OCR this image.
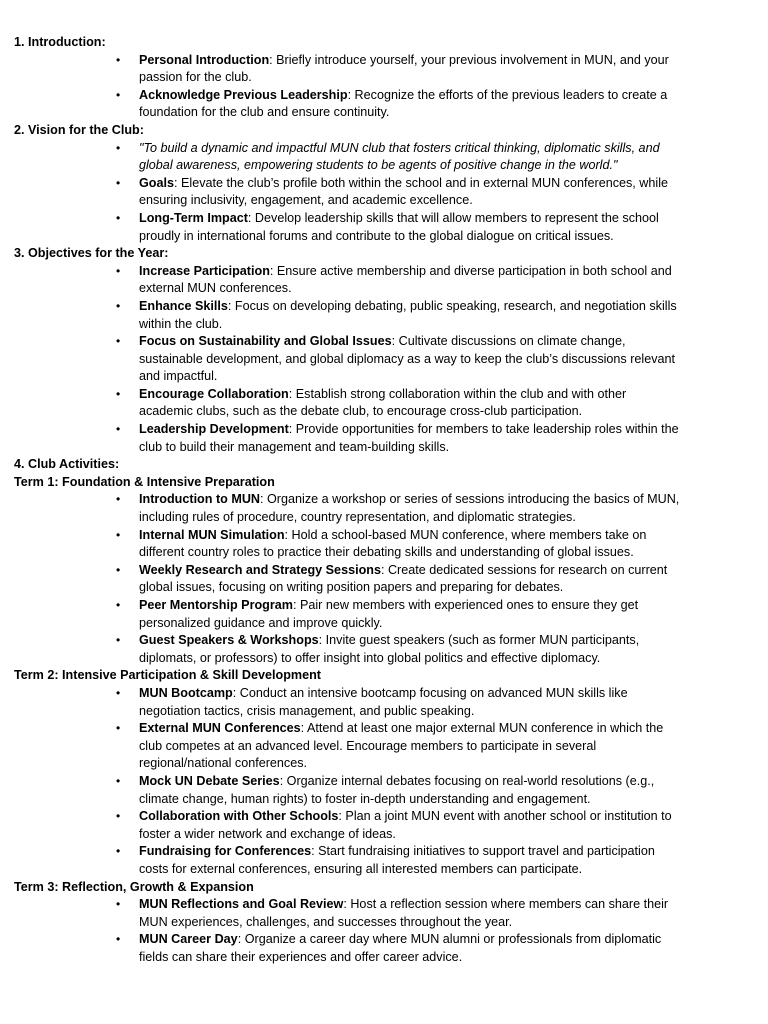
1. Introduction:

• Personal Introduction: Briefly introduce yourself, your previous involvement in MUN, and your passion for the club.
• Acknowledge Previous Leadership: Recognize the efforts of the previous leaders to create a foundation for the club and ensure continuity.

2. Vision for the Club:

• "To build a dynamic and impactful MUN club that fosters critical thinking, diplomatic skills, and global awareness, empowering students to be agents of positive change in the world."
• Goals: Elevate the club’s profile both within the school and in external MUN conferences, while ensuring inclusivity, engagement, and academic excellence.
• Long-Term Impact: Develop leadership skills that will allow members to represent the school proudly in international forums and contribute to the global dialogue on critical issues.

3. Objectives for the Year:

• Increase Participation: Ensure active membership and diverse participation in both school and external MUN conferences.
• Enhance Skills: Focus on developing debating, public speaking, research, and negotiation skills within the club.
• Focus on Sustainability and Global Issues: Cultivate discussions on climate change, sustainable development, and global diplomacy as a way to keep the club’s discussions relevant and impactful.
• Encourage Collaboration: Establish strong collaboration within the club and with other academic clubs, such as the debate club, to encourage cross-club participation.
• Leadership Development: Provide opportunities for members to take leadership roles within the club to build their management and team-building skills.

4. Club Activities:

Term 1: Foundation & Intensive Preparation

• Introduction to MUN: Organize a workshop or series of sessions introducing the basics of MUN, including rules of procedure, country representation, and diplomatic strategies.
• Internal MUN Simulation: Hold a school-based MUN conference, where members take on different country roles to practice their debating skills and understanding of global issues.
• Weekly Research and Strategy Sessions: Create dedicated sessions for research on current global issues, focusing on writing position papers and preparing for debates.
• Peer Mentorship Program: Pair new members with experienced ones to ensure they get personalized guidance and improve quickly.
• Guest Speakers & Workshops: Invite guest speakers (such as former MUN participants, diplomats, or professors) to offer insight into global politics and effective diplomacy.

Term 2: Intensive Participation & Skill Development

• MUN Bootcamp: Conduct an intensive bootcamp focusing on advanced MUN skills like negotiation tactics, crisis management, and public speaking.
• External MUN Conferences: Attend at least one major external MUN conference in which the club competes at an advanced level. Encourage members to participate in several regional/national conferences.
• Mock UN Debate Series: Organize internal debates focusing on real-world resolutions (e.g., climate change, human rights) to foster in-depth understanding and engagement.
• Collaboration with Other Schools: Plan a joint MUN event with another school or institution to foster a wider network and exchange of ideas.
• Fundraising for Conferences: Start fundraising initiatives to support travel and participation costs for external conferences, ensuring all interested members can participate.

Term 3: Reflection, Growth & Expansion

• MUN Reflections and Goal Review: Host a reflection session where members can share their MUN experiences, challenges, and successes throughout the year.
• MUN Career Day: Organize a career day where MUN alumni or professionals from diplomatic fields can share their experiences and offer career advice.
